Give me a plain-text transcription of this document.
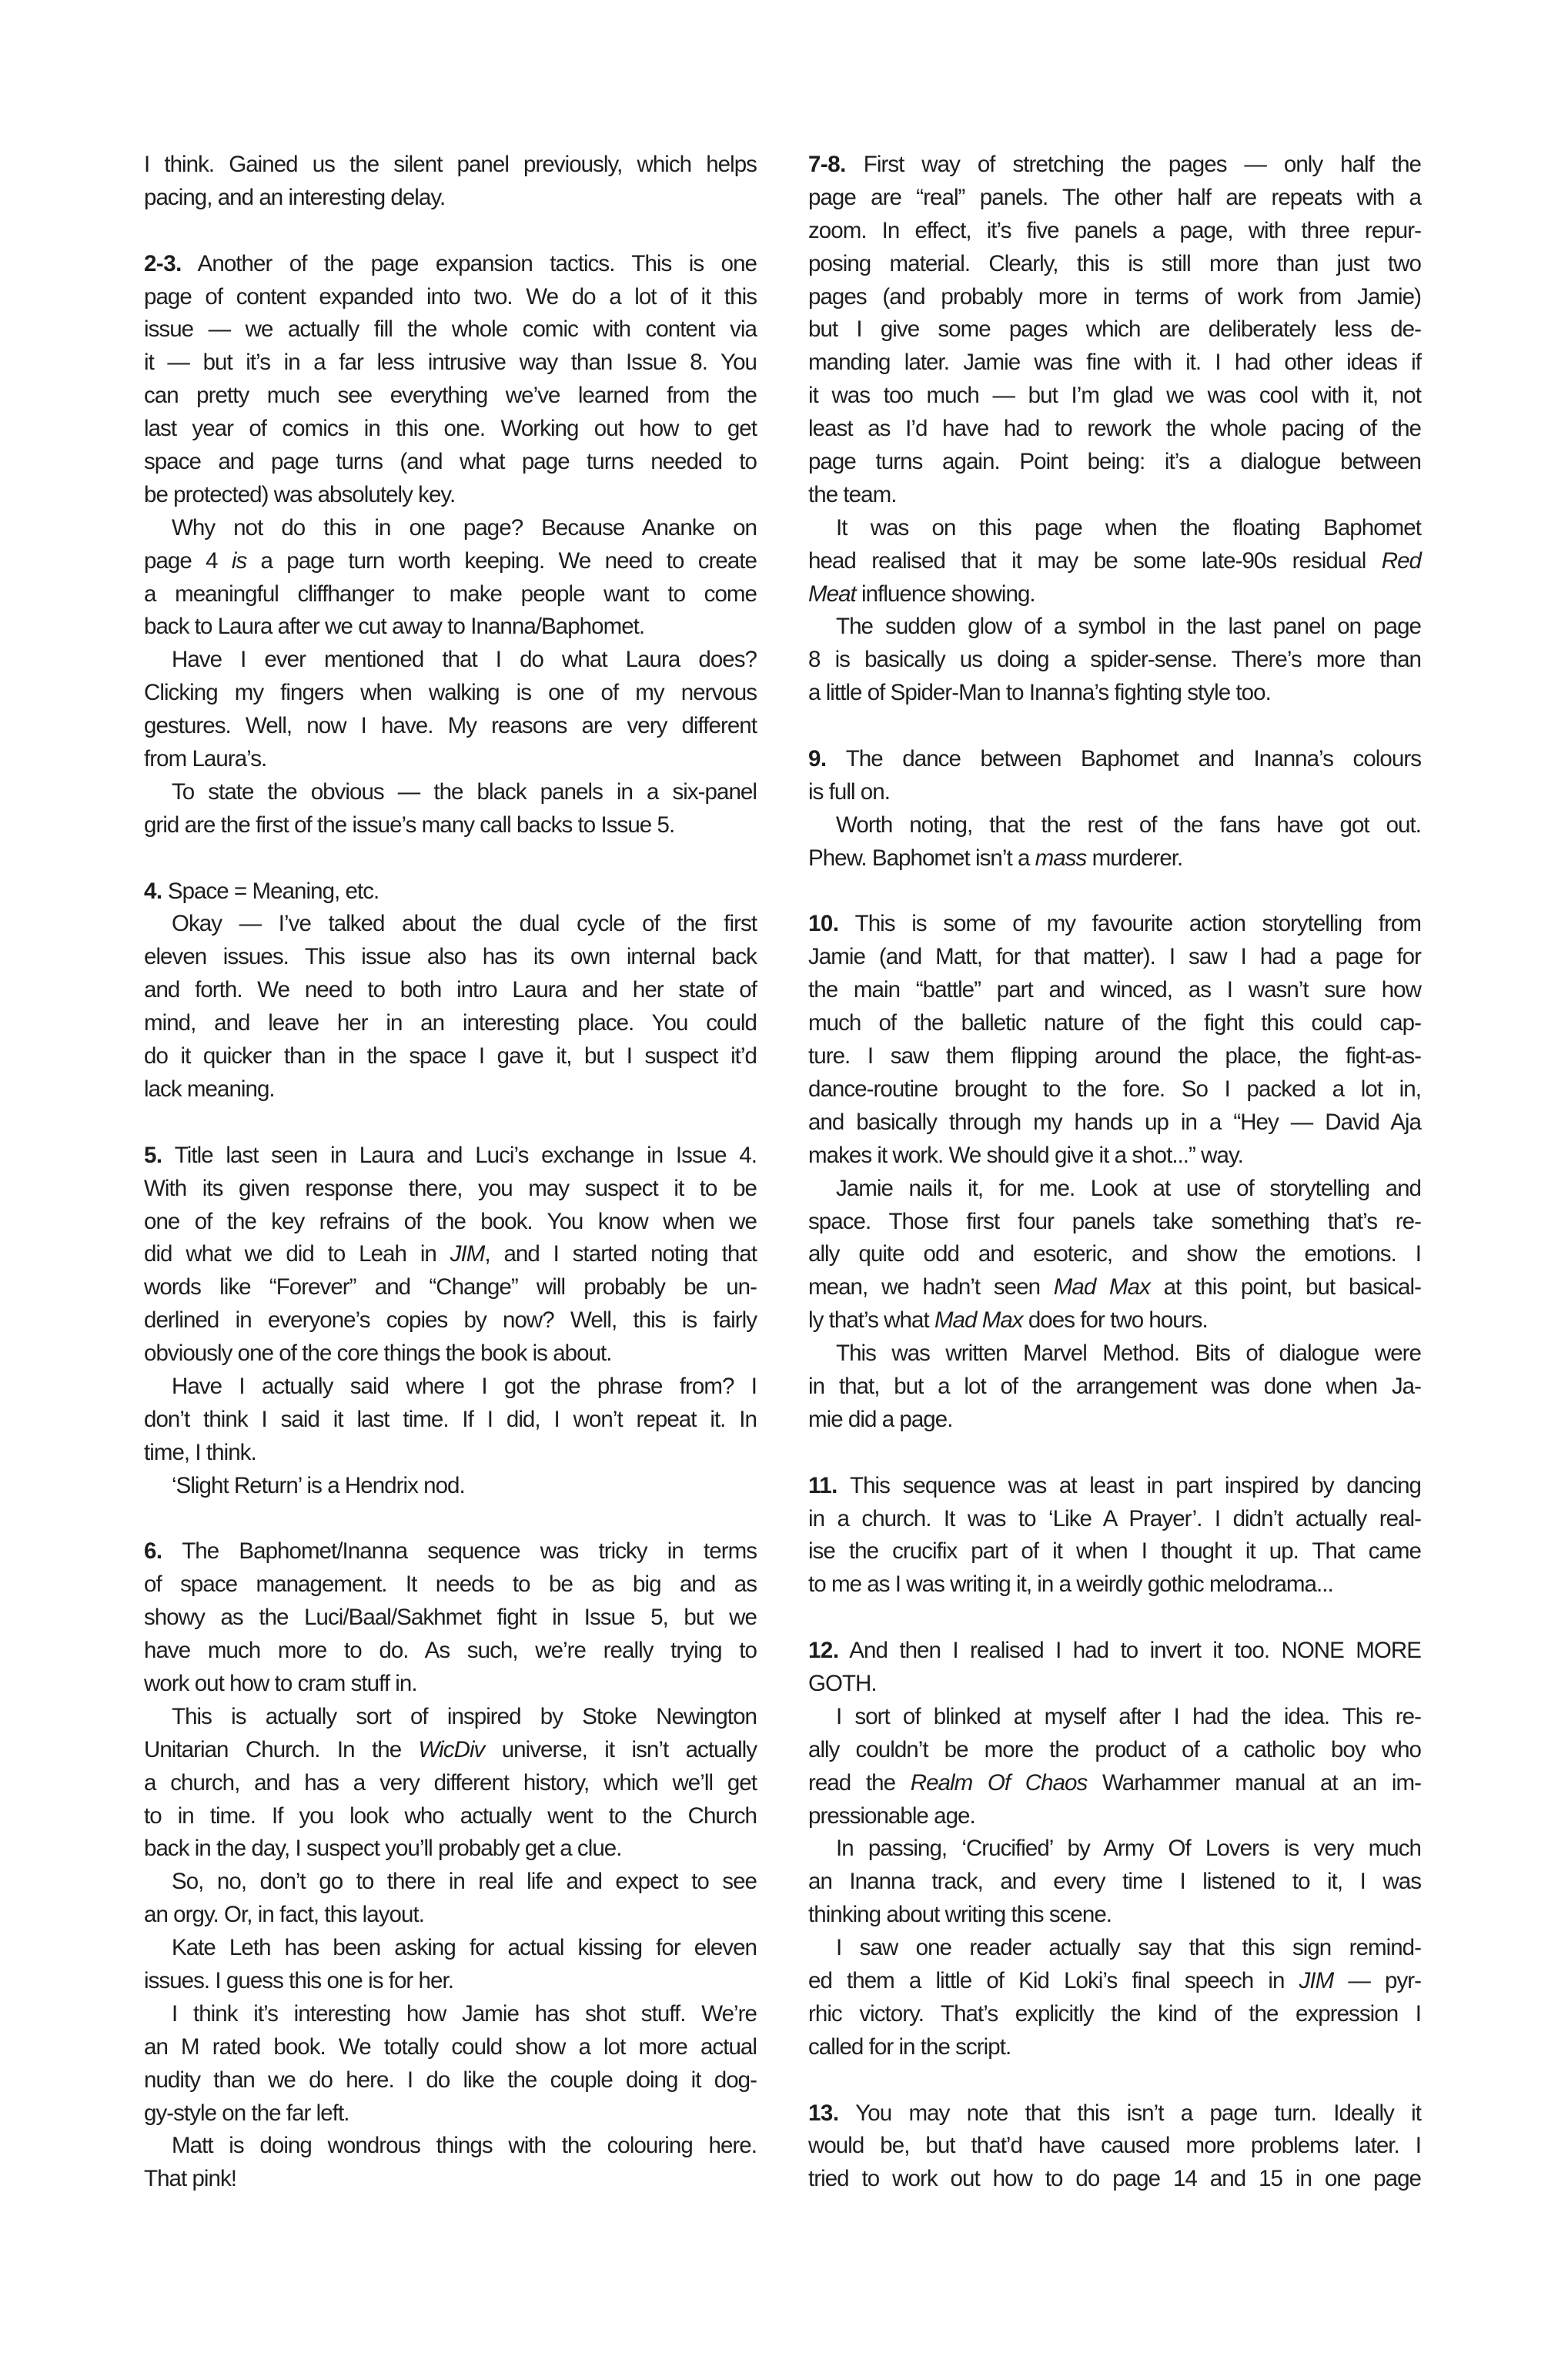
I think. Gained us the silent panel previously, which helps
pacing, and an interesting delay.
2-3. Another of the page expansion tactics. This is one
page of content expanded into two. We do a lot of it this
issue — we actually fill the whole comic with content via
it — but it’s in a far less intrusive way than Issue 8. You
can pretty much see everything we’ve learned from the
last year of comics in this one. Working out how to get
space and page turns (and what page turns needed to
be protected) was absolutely key.
Why not do this in one page? Because Ananke on
page 4 is a page turn worth keeping. We need to create
a meaningful cliffhanger to make people want to come
back to Laura after we cut away to Inanna/Baphomet.
Have I ever mentioned that I do what Laura does?
Clicking my fingers when walking is one of my nervous
gestures. Well, now I have. My reasons are very different
from Laura’s.
To state the obvious — the black panels in a six-panel
grid are the first of the issue’s many call backs to Issue 5.
4. Space = Meaning, etc.
Okay — I’ve talked about the dual cycle of the first
eleven issues. This issue also has its own internal back
and forth. We need to both intro Laura and her state of
mind, and leave her in an interesting place. You could
do it quicker than in the space I gave it, but I suspect it’d
lack meaning.
5. Title last seen in Laura and Luci’s exchange in Issue 4.
With its given response there, you may suspect it to be
one of the key refrains of the book. You know when we
did what we did to Leah in JIM, and I started noting that
words like “Forever” and “Change” will probably be un-
derlined in everyone’s copies by now? Well, this is fairly
obviously one of the core things the book is about.
Have I actually said where I got the phrase from? I
don’t think I said it last time. If I did, I won’t repeat it. In
time, I think.
‘Slight Return’ is a Hendrix nod.
6. The Baphomet/Inanna sequence was tricky in terms
of space management. It needs to be as big and as
showy as the Luci/Baal/Sakhmet fight in Issue 5, but we
have much more to do. As such, we’re really trying to
work out how to cram stuff in.
This is actually sort of inspired by Stoke Newington
Unitarian Church. In the WicDiv universe, it isn’t actually
a church, and has a very different history, which we’ll get
to in time. If you look who actually went to the Church
back in the day, I suspect you’ll probably get a clue.
So, no, don’t go to there in real life and expect to see
an orgy. Or, in fact, this layout.
Kate Leth has been asking for actual kissing for eleven
issues. I guess this one is for her.
I think it’s interesting how Jamie has shot stuff. We’re
an M rated book. We totally could show a lot more actual
nudity than we do here. I do like the couple doing it dog-
gy-style on the far left.
Matt is doing wondrous things with the colouring here.
That pink!
7-8. First way of stretching the pages — only half the
page are “real” panels. The other half are repeats with a
zoom. In effect, it’s five panels a page, with three repur-
posing material. Clearly, this is still more than just two
pages (and probably more in terms of work from Jamie)
but I give some pages which are deliberately less de-
manding later. Jamie was fine with it. I had other ideas if
it was too much — but I’m glad we was cool with it, not
least as I’d have had to rework the whole pacing of the
page turns again. Point being: it’s a dialogue between
the team.
It was on this page when the floating Baphomet
head realised that it may be some late-90s residual Red
Meat influence showing.
The sudden glow of a symbol in the last panel on page
8 is basically us doing a spider-sense. There’s more than
a little of Spider-Man to Inanna’s fighting style too.
9. The dance between Baphomet and Inanna’s colours
is full on.
Worth noting, that the rest of the fans have got out.
Phew. Baphomet isn’t a mass murderer.
10. This is some of my favourite action storytelling from
Jamie (and Matt, for that matter). I saw I had a page for
the main “battle” part and winced, as I wasn’t sure how
much of the balletic nature of the fight this could cap-
ture. I saw them flipping around the place, the fight-as-
dance-routine brought to the fore. So I packed a lot in,
and basically through my hands up in a “Hey — David Aja
makes it work. We should give it a shot...” way.
Jamie nails it, for me. Look at use of storytelling and
space. Those first four panels take something that’s re-
ally quite odd and esoteric, and show the emotions. I
mean, we hadn’t seen Mad Max at this point, but basical-
ly that’s what Mad Max does for two hours.
This was written Marvel Method. Bits of dialogue were
in that, but a lot of the arrangement was done when Ja-
mie did a page.
11. This sequence was at least in part inspired by dancing
in a church. It was to ‘Like A Prayer’. I didn’t actually real-
ise the crucifix part of it when I thought it up. That came
to me as I was writing it, in a weirdly gothic melodrama...
12. And then I realised I had to invert it too. NONE MORE
GOTH.
I sort of blinked at myself after I had the idea. This re-
ally couldn’t be more the product of a catholic boy who
read the Realm Of Chaos Warhammer manual at an im-
pressionable age.
In passing, ‘Crucified’ by Army Of Lovers is very much
an Inanna track, and every time I listened to it, I was
thinking about writing this scene.
I saw one reader actually say that this sign remind-
ed them a little of Kid Loki’s final speech in JIM — pyr-
rhic victory. That’s explicitly the kind of the expression I
called for in the script.
13. You may note that this isn’t a page turn. Ideally it
would be, but that’d have caused more problems later. I
tried to work out how to do page 14 and 15 in one page
